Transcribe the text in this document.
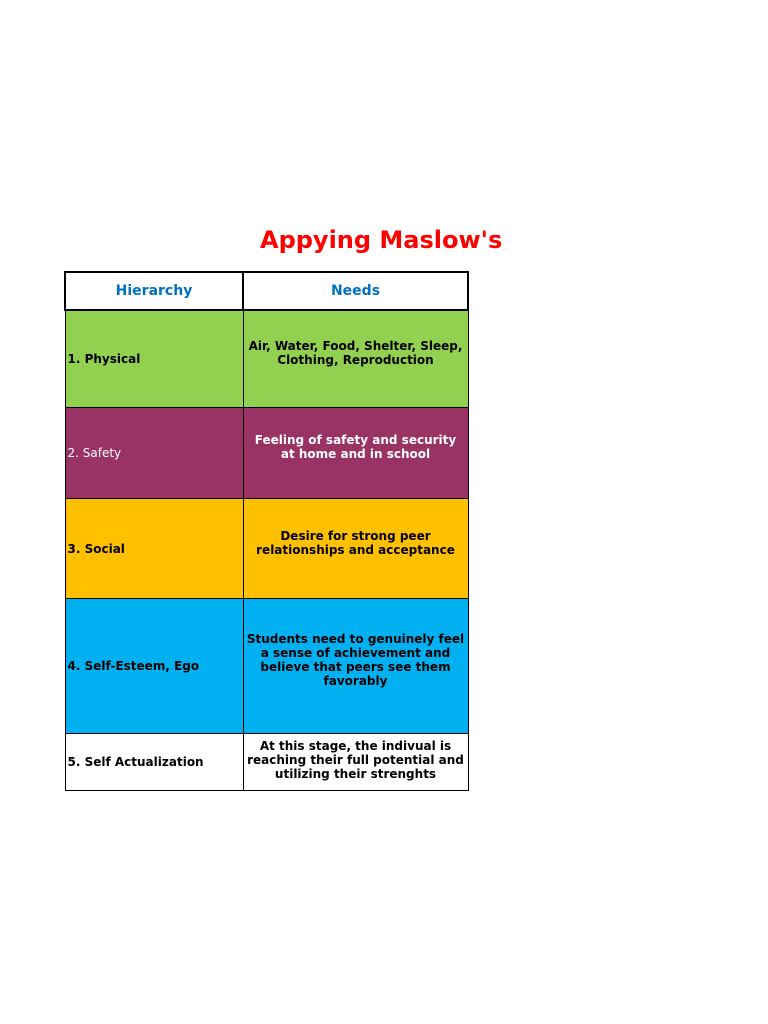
Appying Maslow's
Hierarchy	Needs
1. Physical	Air, Water, Food, Shelter, Sleep, Clothing, Reproduction

2. Safety	Feeling of safety and security at home and in school

3. Social	Desire for strong peer relationships and acceptance

4. Self-Esteem, Ego	Students need to genuinely feel a sense of achievement and believe that peers see them favorably

5. Self Actualization	At this stage, the indivual is reaching their full potential and utilizing their strenghts
